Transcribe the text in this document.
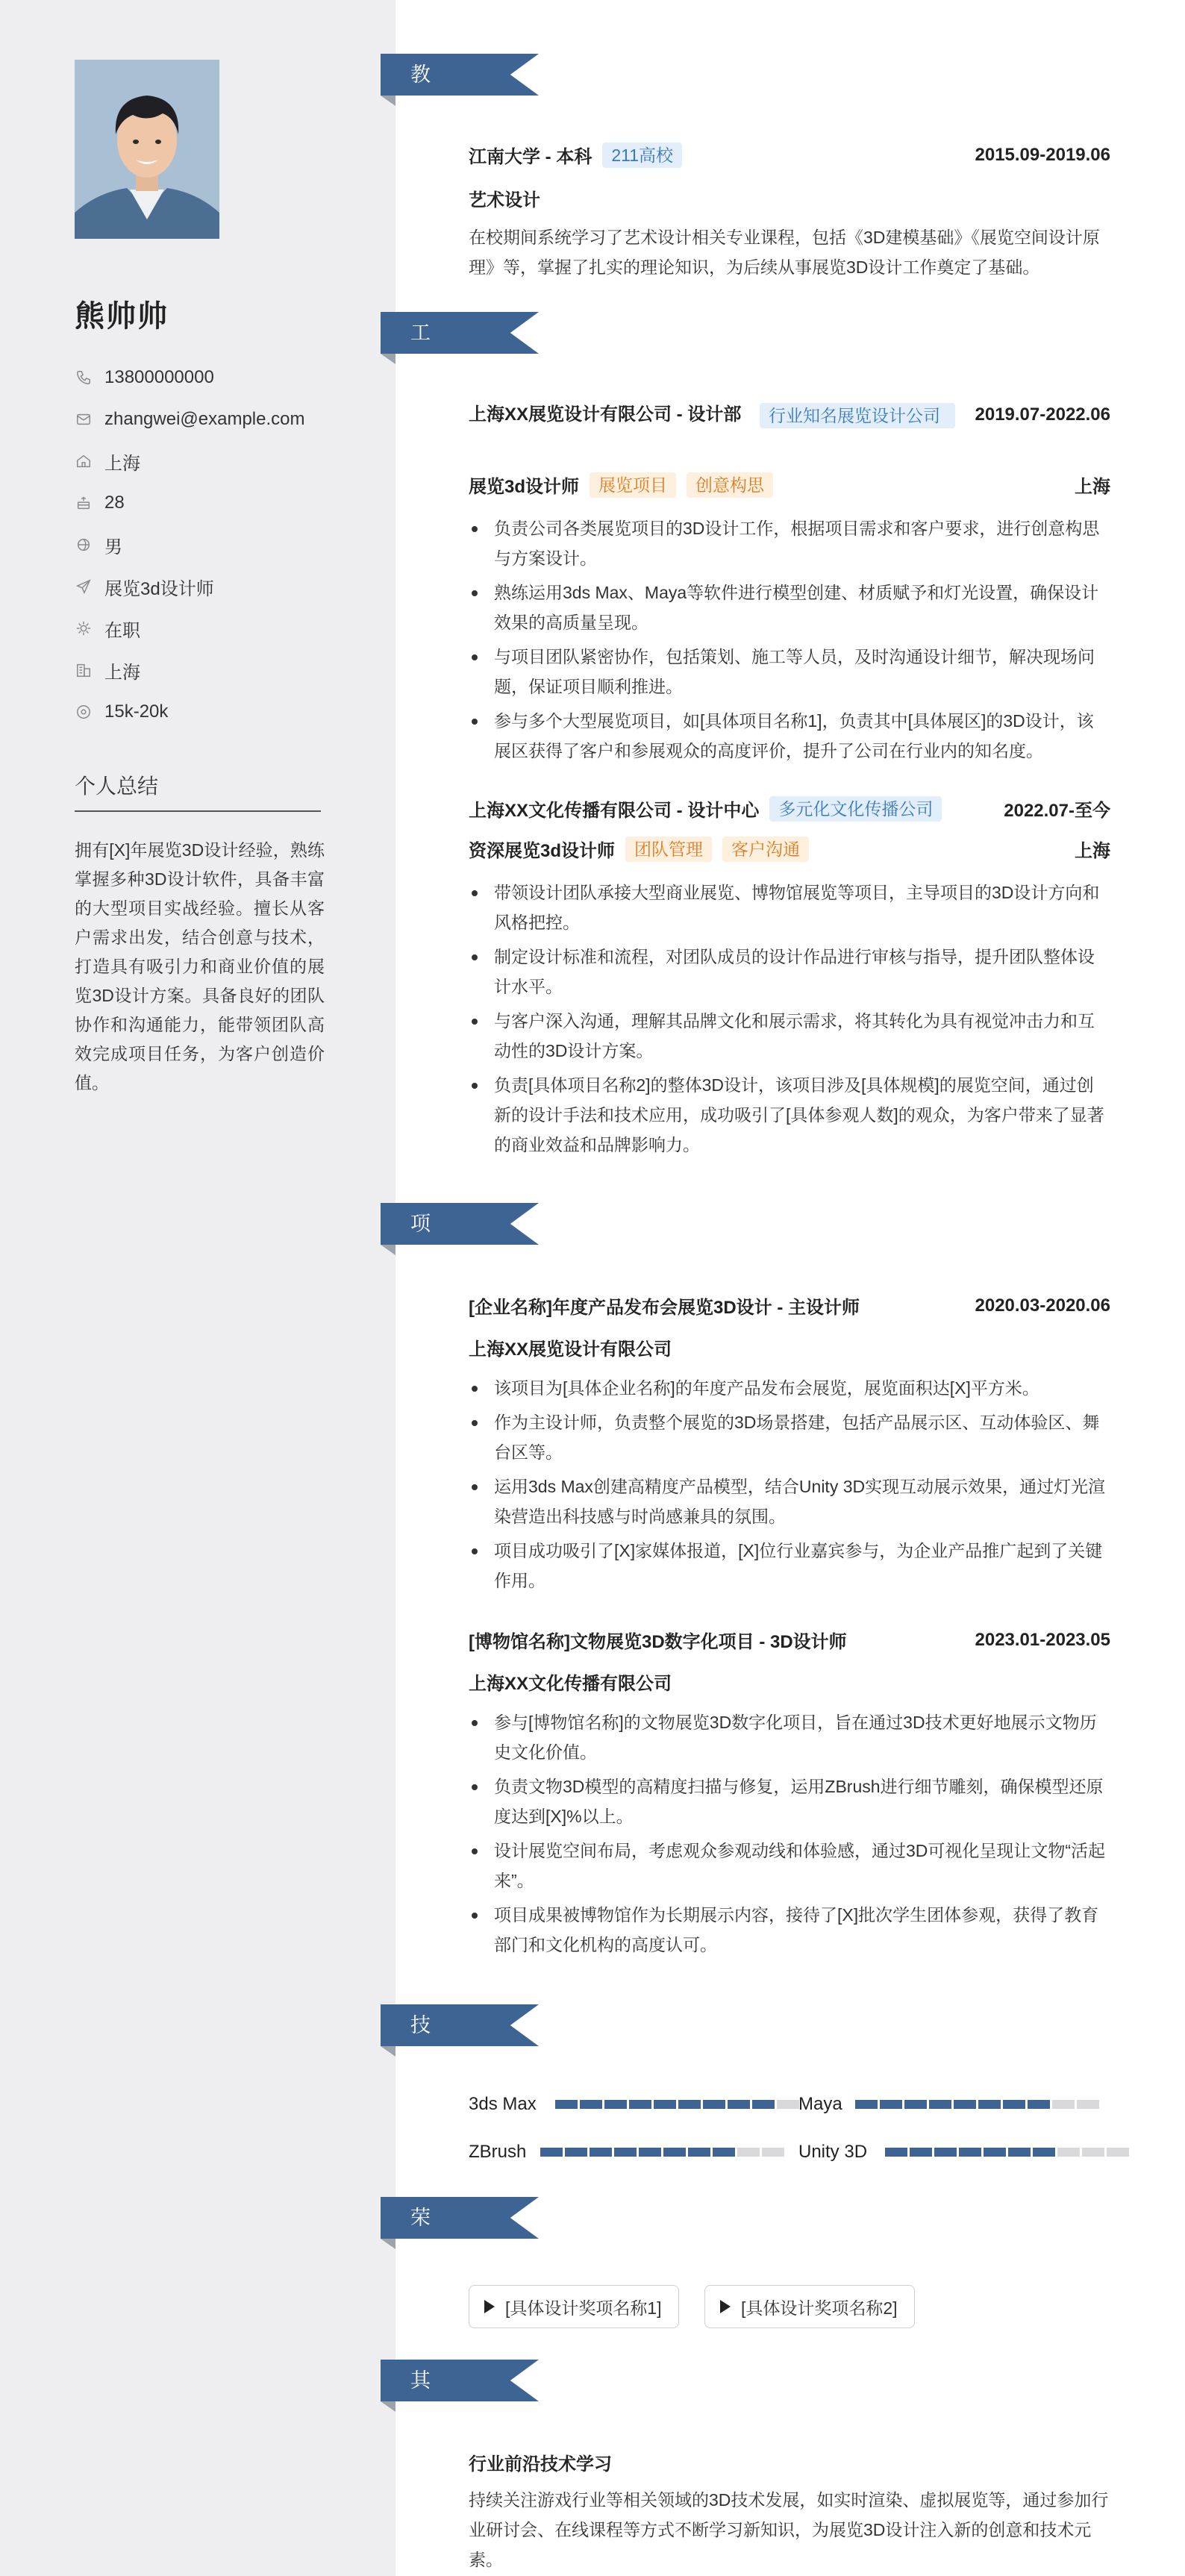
熊帅帅
13800000000
zhangwei@example.com
上海
28
男
展览3d设计师
在职
上海
15k-20k
个人总结
拥有[X]年展览3D设计经验，熟练掌握多种3D设计软件，具备丰富的大型项目实战经验。擅长从客户需求出发，结合创意与技术，打造具有吸引力和商业价值的展览3D设计方案。具备良好的团队协作和沟通能力，能带领团队高效完成项目任务，为客户创造价值。
教育经历
江南大学 - 本科	211高校	2015.09-2019.06
艺术设计
在校期间系统学习了艺术设计相关专业课程，包括《3D建模基础》《展览空间设计原理》等，掌握了扎实的理论知识，为后续从事展览3D设计工作奠定了基础。
工作经历
上海XX展览设计有限公司 - 设计部	行业知名展览设计公司	2019.07-2022.06
展览3d设计师	展览项目	创意构思	上海
负责公司各类展览项目的3D设计工作，根据项目需求和客户要求，进行创意构思与方案设计。
熟练运用3ds Max、Maya等软件进行模型创建、材质赋予和灯光设置，确保设计效果的高质量呈现。
与项目团队紧密协作，包括策划、施工等人员，及时沟通设计细节，解决现场问题，保证项目顺利推进。
参与多个大型展览项目，如[具体项目名称1]，负责其中[具体展区]的3D设计，该展区获得了客户和参展观众的高度评价，提升了公司在行业内的知名度。
上海XX文化传播有限公司 - 设计中心	多元化文化传播公司	2022.07-至今
资深展览3d设计师	团队管理	客户沟通	上海
带领设计团队承接大型商业展览、博物馆展览等项目，主导项目的3D设计方向和风格把控。
制定设计标准和流程，对团队成员的设计作品进行审核与指导，提升团队整体设计水平。
与客户深入沟通，理解其品牌文化和展示需求，将其转化为具有视觉冲击力和互动性的3D设计方案。
负责[具体项目名称2]的整体3D设计，该项目涉及[具体规模]的展览空间，通过创新的设计手法和技术应用，成功吸引了[具体参观人数]的观众，为客户带来了显著的商业效益和品牌影响力。
项目经历
[企业名称]年度产品发布会展览3D设计 - 主设计师	2020.03-2020.06
上海XX展览设计有限公司
该项目为[具体企业名称]的年度产品发布会展览，展览面积达[X]平方米。
作为主设计师，负责整个展览的3D场景搭建，包括产品展示区、互动体验区、舞台区等。
运用3ds Max创建高精度产品模型，结合Unity 3D实现互动展示效果，通过灯光渲染营造出科技感与时尚感兼具的氛围。
项目成功吸引了[X]家媒体报道，[X]位行业嘉宾参与，为企业产品推广起到了关键作用。
[博物馆名称]文物展览3D数字化项目 - 3D设计师	2023.01-2023.05
上海XX文化传播有限公司
参与[博物馆名称]的文物展览3D数字化项目，旨在通过3D技术更好地展示文物历史文化价值。
负责文物3D模型的高精度扫描与修复，运用ZBrush进行细节雕刻，确保模型还原度达到[X]%以上。
设计展览空间布局，考虑观众参观动线和体验感，通过3D可视化呈现让文物“活起来”。
项目成果被博物馆作为长期展示内容，接待了[X]批次学生团体参观，获得了教育部门和文化机构的高度认可。
技能专长
3ds Max	Maya
ZBrush	Unity 3D
荣誉奖项
[具体设计奖项名称1]	[具体设计奖项名称2]
其他信息
行业前沿技术学习
持续关注游戏行业等相关领域的3D技术发展，如实时渲染、虚拟展览等，通过参加行业研讨会、在线课程等方式不断学习新知识，为展览3D设计注入新的创意和技术元素。
